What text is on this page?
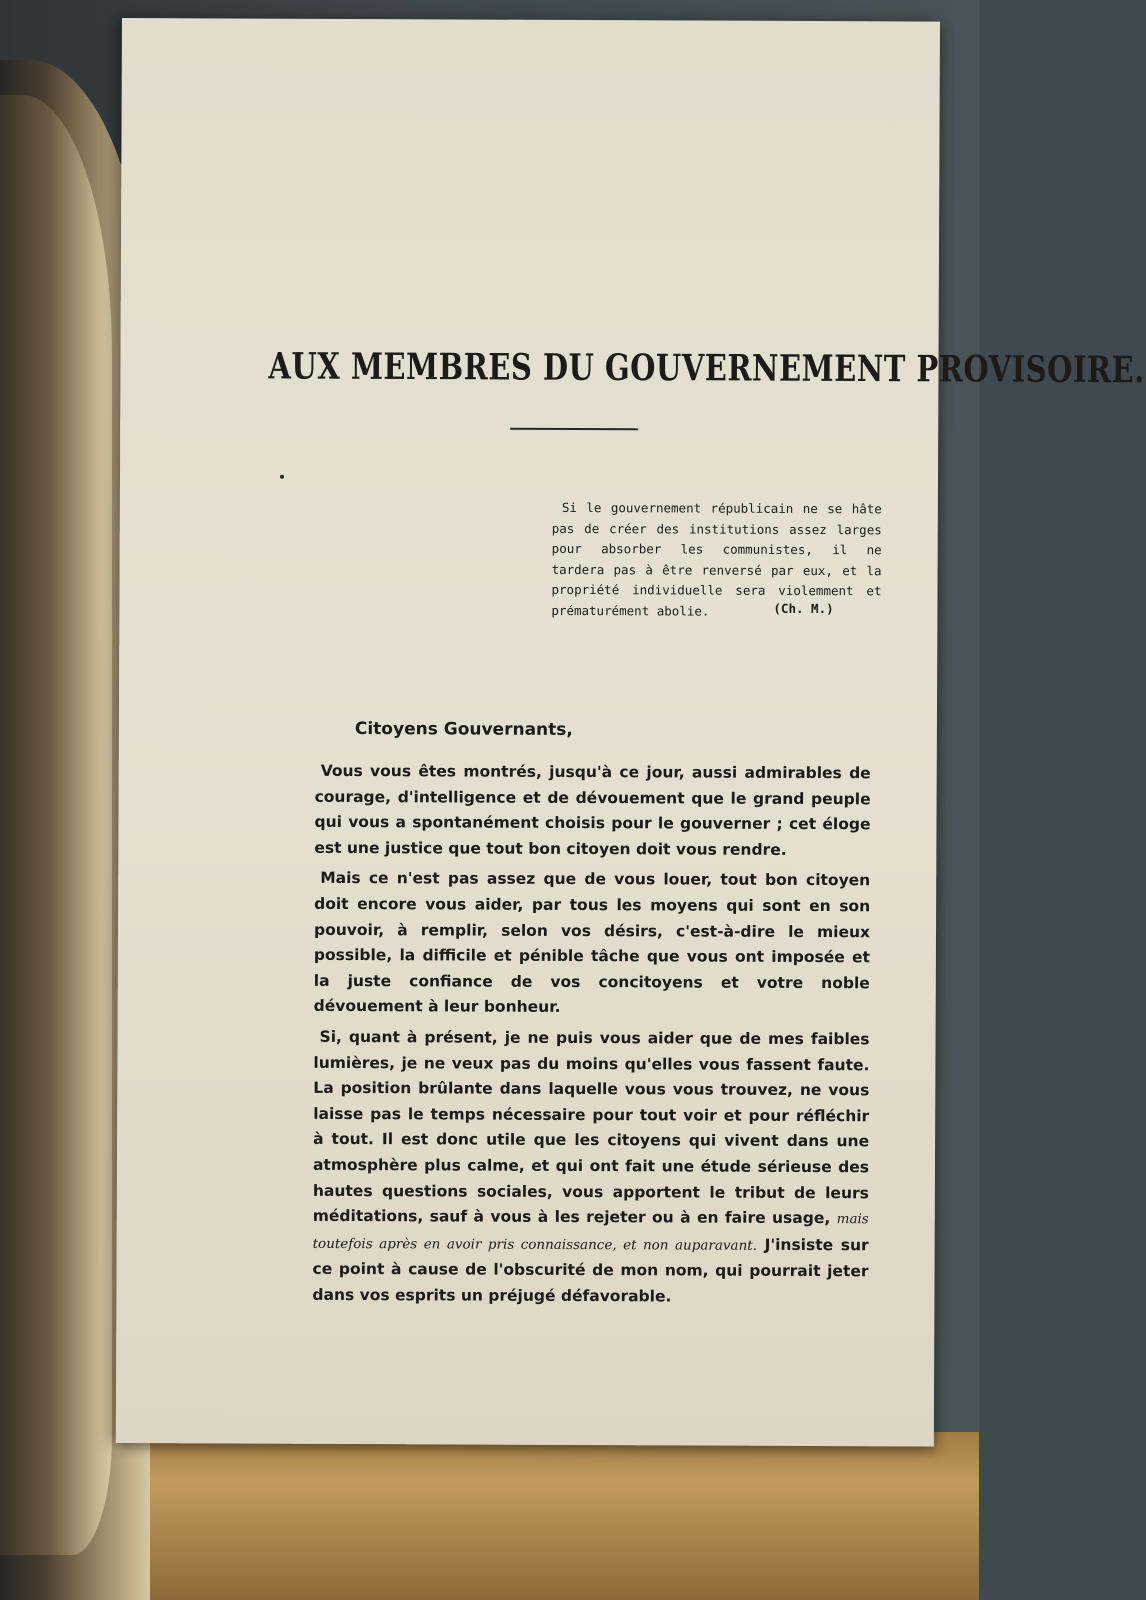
AUX MEMBRES DU GOUVERNEMENT PROVISOIRE.
Si le gouvernement républicain ne se hâte pas de créer des institutions assez larges pour absorber les communistes, il ne tardera pas à être renversé par eux, et la propriété individuelle sera violemment et prématurément abolie.	(Ch. M.)
Citoyens Gouvernants,

Vous vous êtes montrés, jusqu'à ce jour, aussi admirables de courage, d'intelligence et de dévouement que le grand peuple qui vous a spontanément choisis pour le gouverner ; cet éloge est une justice que tout bon citoyen doit vous rendre.

Mais ce n'est pas assez que de vous louer, tout bon citoyen doit encore vous aider, par tous les moyens qui sont en son pouvoir, à remplir, selon vos désirs, c'est-à-dire le mieux possible, la difficile et pénible tâche que vous ont imposée et la juste confiance de vos concitoyens et votre noble dévouement à leur bonheur.

Si, quant à présent, je ne puis vous aider que de mes faibles lumières, je ne veux pas du moins qu'elles vous fassent faute. La position brûlante dans laquelle vous vous trouvez, ne vous laisse pas le temps nécessaire pour tout voir et pour réfléchir à tout. Il est donc utile que les citoyens qui vivent dans une atmosphère plus calme, et qui ont fait une étude sérieuse des hautes questions sociales, vous apportent le tribut de leurs méditations, sauf à vous à les rejeter ou à en faire usage, mais toutefois après en avoir pris connaissance, et non auparavant. J'insiste sur ce point à cause de l'obscurité de mon nom, qui pourrait jeter dans vos esprits un préjugé défavorable.
